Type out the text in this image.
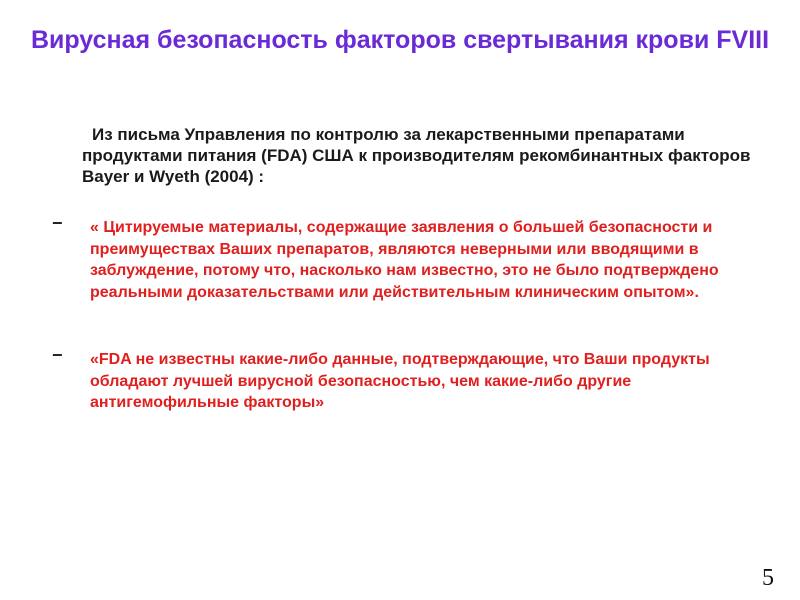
Вирусная безопасность факторов свертывания крови FVIII
Из письма Управления по контролю за лекарственными препаратами продуктами питания (FDA) США к производителям рекомбинантных факторов Bayer и Wyeth (2004) :
− « Цитируемые материалы, содержащие заявления о большей безопасности и преимуществах Ваших препаратов, являются неверными или вводящими в заблуждение, потому что, насколько нам известно, это не было подтверждено реальными доказательствами или действительным клиническим опытом».
− «FDA не известны какие-либо данные, подтверждающие, что Ваши продукты обладают лучшей вирусной безопасностью, чем какие-либо другие антигемофильные факторы»
5
